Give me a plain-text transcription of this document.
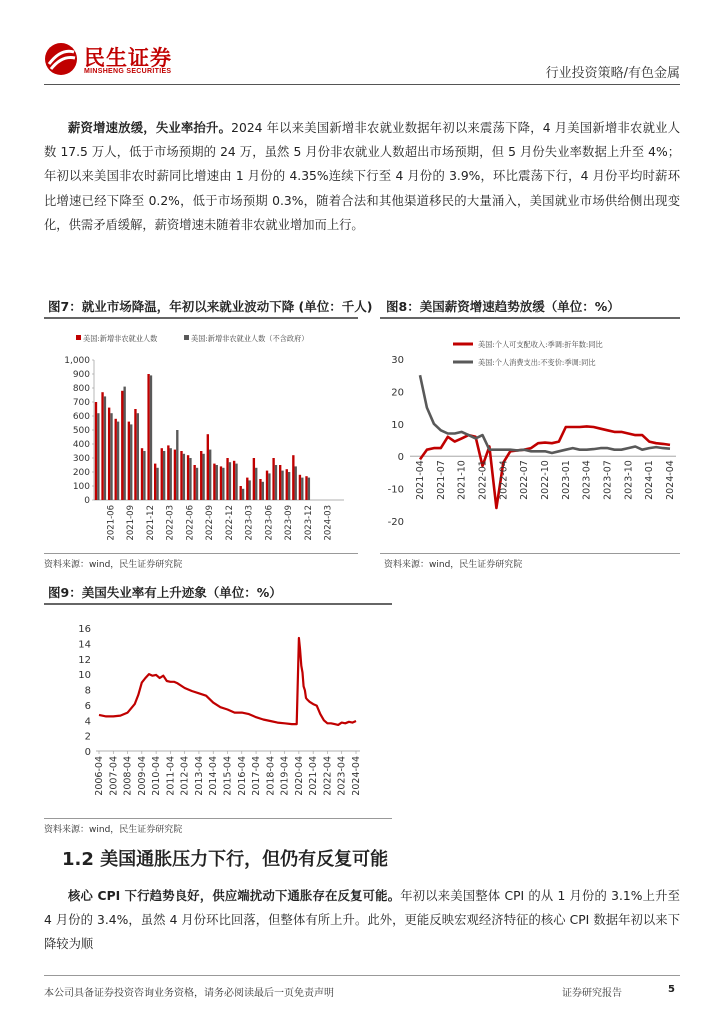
民生证券
MINSHENG SECURITIES	行业投资策略/有色金属
薪资增速放缓，失业率抬升。2024 年以来美国新增非农就业数据年初以来震荡下降，4 月美国新增非农就业人数 17.5 万人，低于市场预期的 24 万，虽然 5 月份非农就业人数超出市场预期，但 5 月份失业率数据上升至 4%；年初以来美国非农时薪同比增速由 1 月份的 4.35%连续下行至 4 月份的 3.9%，环比震荡下行，4 月份平均时薪环比增速已经下降至 0.2%，低于市场预期 0.3%，随着合法和其他渠道移民的大量涌入，美国就业市场供给侧出现变化，供需矛盾缓解，薪资增速未随着非农就业增加而上行。
图7：就业市场降温，年初以来就业波动下降 (单位：千人)
美国:新增非农就业人数	美国:新增非农就业人数（不含政府）
0
100
200
300
400
500
600
700
800
900
1,000
2021-06 2021-09 2021-12 2022-03 2022-06 2022-09 2022-12 2023-03 2023-06 2023-09 2023-12 2024-03
资料来源：wind，民生证券研究院
图8：美国薪资增速趋势放缓（单位：%）
美国:个人可支配收入:季调:折年数:同比
美国:个人消费支出:不变价:季调:同比
-20
-10
0
10
20
30
2021-04 2021-07 2021-10 2022-01 2022-04 2022-07 2022-10 2023-01 2023-04 2023-07 2023-10 2024-01 2024-04
资料来源：wind，民生证券研究院
图9：美国失业率有上升迹象（单位：%）
0
2
4
6
8
10
12
14
16
2006-04 2007-04 2008-04 2009-04 2010-04 2011-04 2012-04 2013-04 2014-04 2015-04 2016-04 2017-04 2018-04 2019-04 2020-04 2021-04 2022-04 2023-04 2024-04
资料来源：wind，民生证券研究院
1.2 美国通胀压力下行，但仍有反复可能
核心 CPI 下行趋势良好，供应端扰动下通胀存在反复可能。年初以来美国整体 CPI 的从 1 月份的 3.1%上升至 4 月份的 3.4%，虽然 4 月份环比回落，但整体有所上升。此外，更能反映宏观经济特征的核心 CPI 数据年初以来下降较为顺
本公司具备证券投资咨询业务资格，请务必阅读最后一页免责声明	证券研究报告	5
